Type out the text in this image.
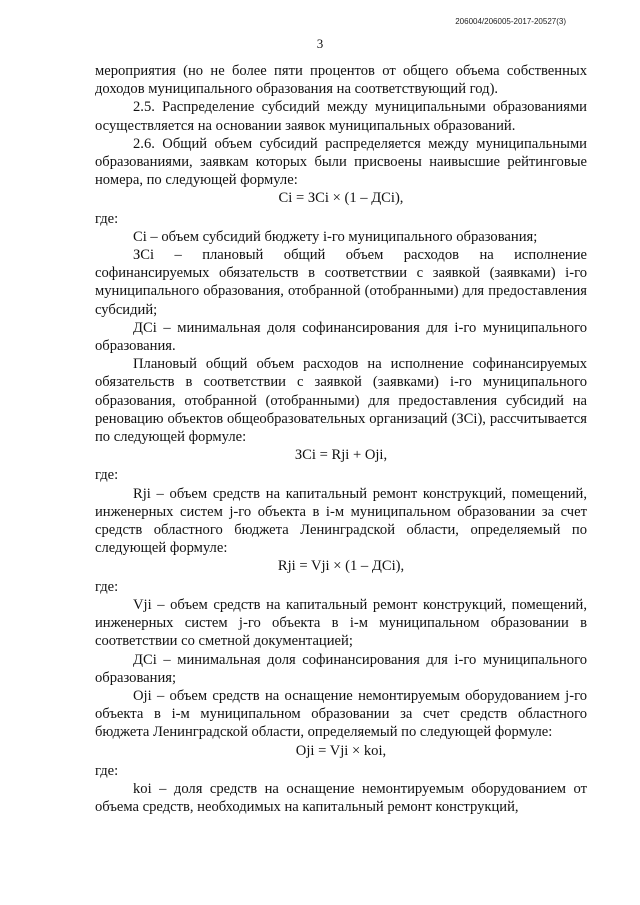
206004/206005-2017-20527(3)
3

мероприятия (но не более пяти процентов от общего объема собственных доходов муниципального образования на соответствующий год).

2.5. Распределение субсидий между муниципальными образованиями осуществляется на основании заявок муниципальных образований.

2.6. Общий объем субсидий распределяется между муниципальными образованиями, заявкам которых были присвоены наивысшие рейтинговые номера, по следующей формуле:

Ci = ЗCi × (1 – ДCi),

где:

Ci – объем субсидий бюджету i-го муниципального образования;

ЗCi – плановый общий объем расходов на исполнение софинансируемых обязательств в соответствии с заявкой (заявками) i-го муниципального образования, отобранной (отобранными) для предоставления субсидий;

ДCi – минимальная доля софинансирования для i-го муниципального образования.

Плановый общий объем расходов на исполнение софинансируемых обязательств в соответствии с заявкой (заявками) i-го муниципального образования, отобранной (отобранными) для предоставления субсидий на реновацию объектов общеобразовательных организаций (ЗCi), рассчитывается по следующей формуле:

ЗCi = Rji + Oji,

где:

Rji – объем средств на капитальный ремонт конструкций, помещений, инженерных систем j-го объекта в i-м муниципальном образовании за счет средств областного бюджета Ленинградской области, определяемый по следующей формуле:

Rji = Vji × (1 – ДCi),

где:

Vji – объем средств на капитальный ремонт конструкций, помещений, инженерных систем j-го объекта в i-м муниципальном образовании в соответствии со сметной документацией;

ДCi – минимальная доля софинансирования для i-го муниципального образования;

Oji – объем средств на оснащение немонтируемым оборудованием j-го объекта в i-м муниципальном образовании за счет средств областного бюджета Ленинградской области, определяемый по следующей формуле:

Oji = Vji × koi,

где:

koi – доля средств на оснащение немонтируемым оборудованием от объема средств, необходимых на капитальный ремонт конструкций,
